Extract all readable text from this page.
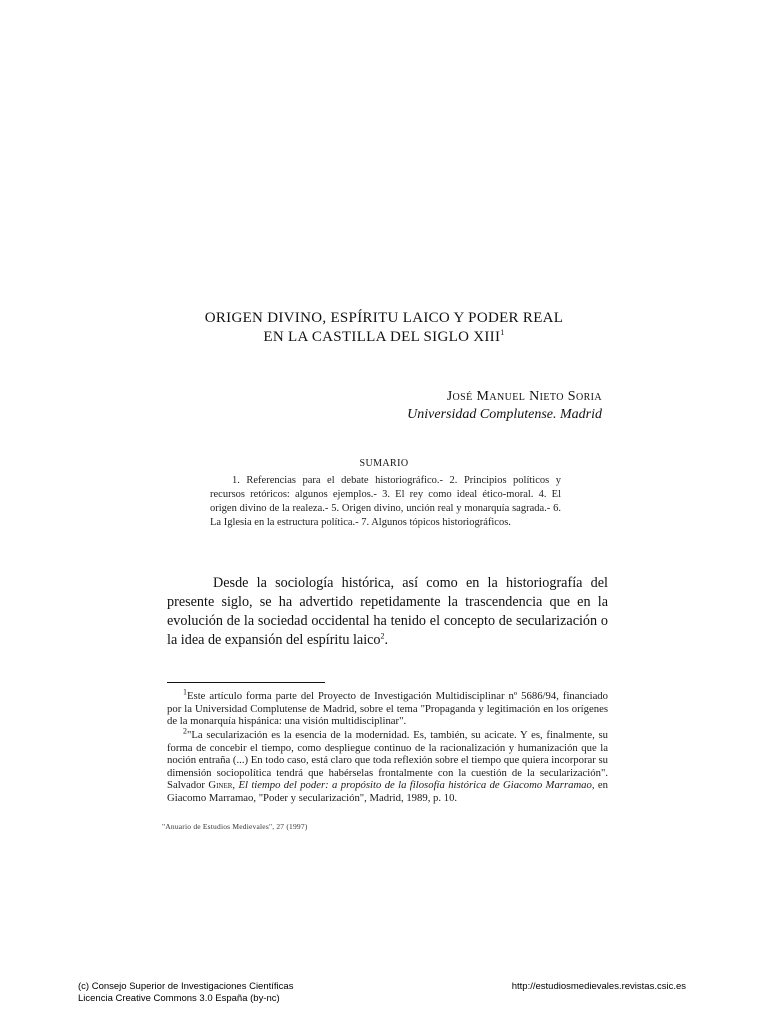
ORIGEN DIVINO, ESPÍRITU LAICO Y PODER REAL
EN LA CASTILLA DEL SIGLO XIII$^1$
José Manuel Nieto Soria
Universidad Complutense. Madrid
SUMARIO
1. Referencias para el debate historiográfico.- 2. Principios políticos y recursos retóricos: algunos ejemplos.- 3. El rey como ideal ético-moral. 4. El origen divino de la realeza.- 5. Origen divino, unción real y monarquía sagrada.- 6. La Iglesia en la estructura política.- 7. Algunos tópicos historiográficos.
Desde la sociología histórica, así como en la historiografía del presente siglo, se ha advertido repetidamente la trascendencia que en la evolución de la sociedad occidental ha tenido el concepto de secularización o la idea de expansión del espíritu laico$^2$.
$^1$Este artículo forma parte del Proyecto de Investigación Multidisciplinar nº 5686/94, financiado por la Universidad Complutense de Madrid, sobre el tema "Propaganda y legitimación en los orígenes de la monarquía hispánica: una visión multidisciplinar".
$^2$"La secularización es la esencia de la modernidad. Es, también, su acicate. Y es, finalmente, su forma de concebir el tiempo, como despliegue continuo de la racionalización y humanización que la noción entraña (...) En todo caso, está claro que toda reflexión sobre el tiempo que quiera incorporar su dimensión sociopolítica tendrá que habérselas frontalmente con la cuestión de la secularización". Salvador Giner, El tiempo del poder: a propósito de la filosofía histórica de Giacomo Marramao, en Giacomo Marramao, "Poder y secularización", Madrid, 1989, p. 10.
"Anuario de Estudios Medievales", 27 (1997)
(c) Consejo Superior de Investigaciones Científicas
Licencia Creative Commons 3.0 España (by-nc)
http://estudiosmedievales.revistas.csic.es
